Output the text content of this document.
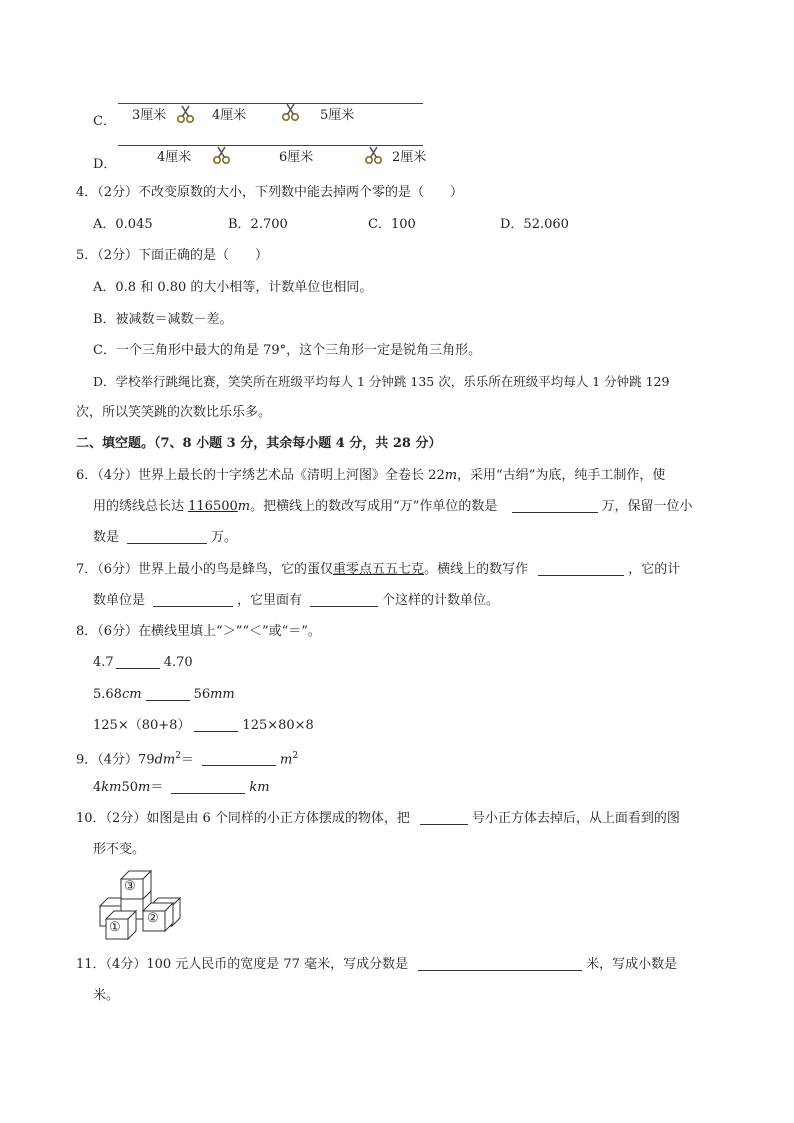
C． 3厘米	4厘米	5厘米
D．	4厘米	6厘米	2厘米
4．（2分）不改变原数的大小，下列数中能去掉两个零的是（　　）
A．0.045	B．2.700	C．100	D．52.060
5．（2分）下面正确的是（　　）
A．0.8 和 0.80 的大小相等，计数单位也相同。
B．被减数＝减数－差。
C．一个三角形中最大的角是 79°，这个三角形一定是锐角三角形。
D．学校举行跳绳比赛，笑笑所在班级平均每人 1 分钟跳 135 次，乐乐所在班级平均每人 1 分钟跳 129
次，所以笑笑跳的次数比乐乐多。
二、填空题。（7、8 小题 3 分，其余每小题 4 分，共 28 分）
6．（4分）世界上最长的十字绣艺术品《清明上河图》全卷长 22m，采用“古绢”为底，纯手工制作，使
用的绣线总长达 116500m。把横线上的数改写成用“万”作单位的数是	万，保留一位小
数是	万。
7．（6分）世界上最小的鸟是蜂鸟，它的蛋仅重零点五五七克。横线上的数写作	，它的计
数单位是	，它里面有	个这样的计数单位。
8．（6分）在横线里填上“＞”“＜”或“＝”。
4.7	4.70
5.68cm	56mm
125×（80+8）	125×80×8
9．（4分）$79dm^2=$	$m^2$
4km50m＝	km
10．（2分）如图是由 6 个同样的小正方体摆成的物体，把	号小正方体去掉后，从上面看到的图
形不变。
③
①
②
11．（4分）100 元人民币的宽度是 77 毫米，写成分数是	米，写成小数是
米。
